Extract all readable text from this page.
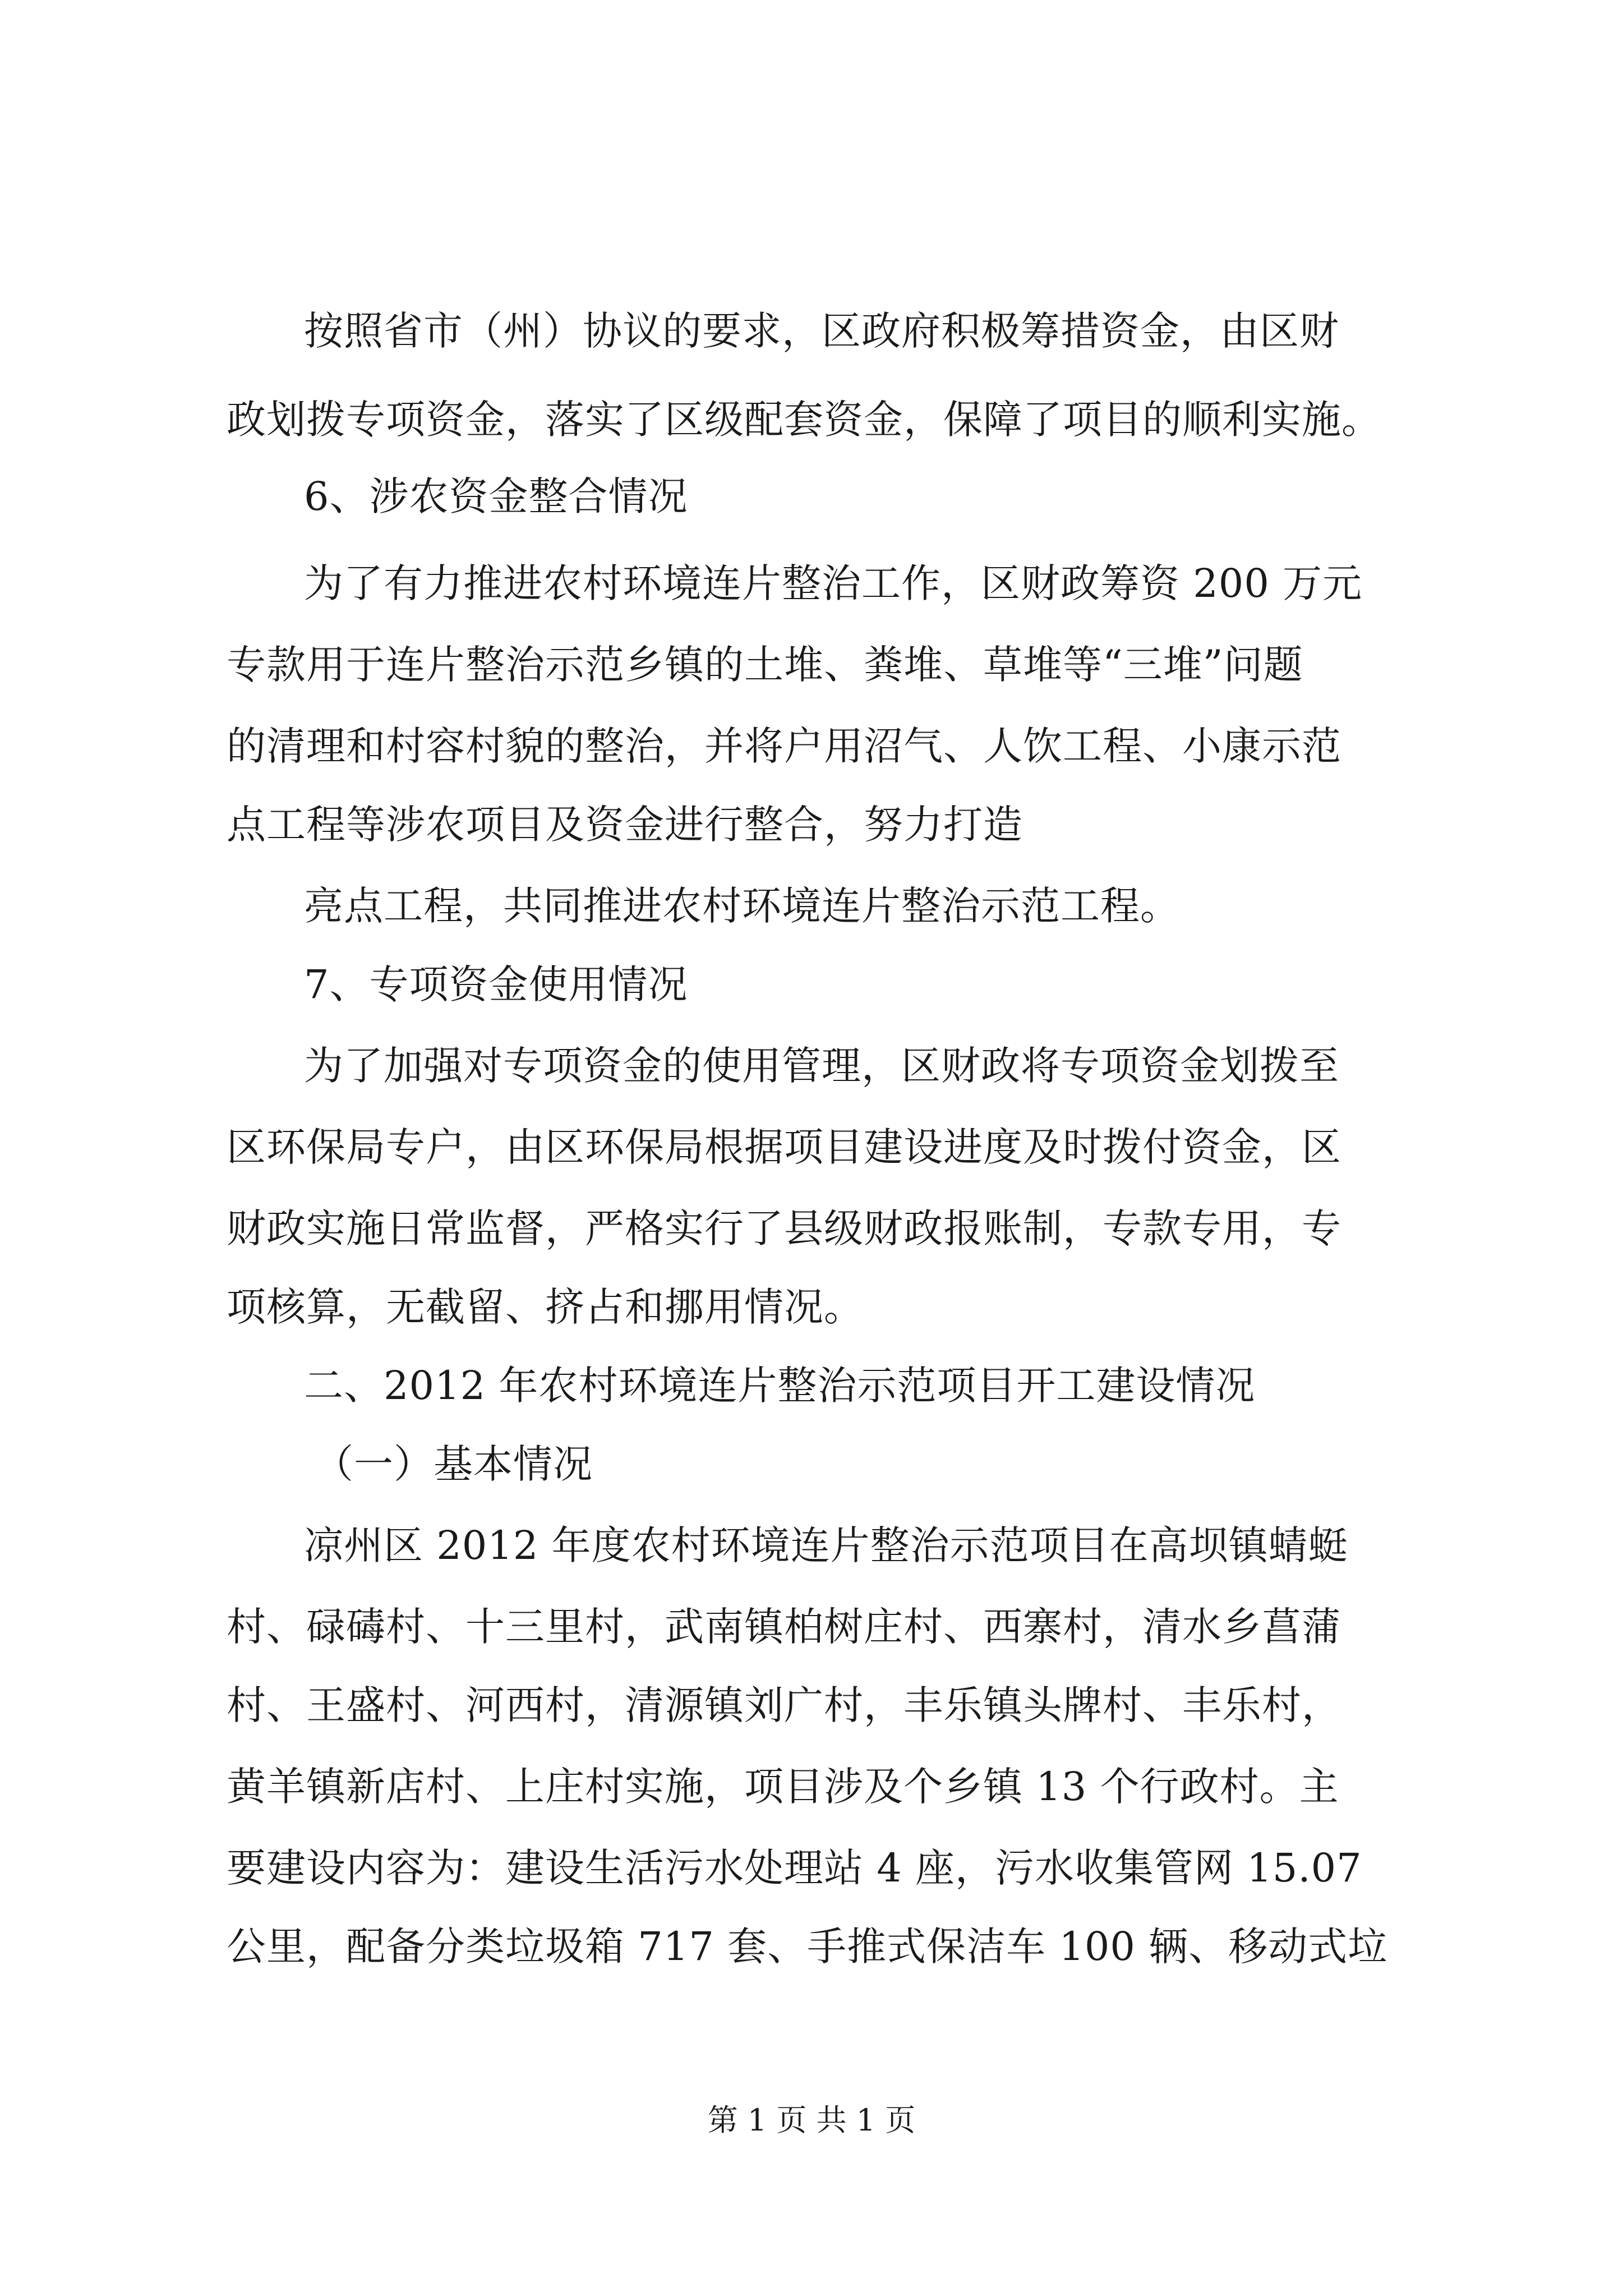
按照省市（州）协议的要求，区政府积极筹措资金，由区财
政划拨专项资金，落实了区级配套资金，保障了项目的顺利实施。
6、涉农资金整合情况
为了有力推进农村环境连片整治工作，区财政筹资 200 万元
专款用于连片整治示范乡镇的土堆、粪堆、草堆等“三堆”问题
的清理和村容村貌的整治，并将户用沼气、人饮工程、小康示范
点工程等涉农项目及资金进行整合，努力打造
亮点工程，共同推进农村环境连片整治示范工程。
7、专项资金使用情况
为了加强对专项资金的使用管理，区财政将专项资金划拨至
区环保局专户，由区环保局根据项目建设进度及时拨付资金，区
财政实施日常监督，严格实行了县级财政报账制，专款专用，专
项核算，无截留、挤占和挪用情况。
二、2012 年农村环境连片整治示范项目开工建设情况
（一）基本情况
凉州区 2012 年度农村环境连片整治示范项目在高坝镇蜻蜓
村、碌碡村、十三里村，武南镇柏树庄村、西寨村，清水乡菖蒲
村、王盛村、河西村，清源镇刘广村，丰乐镇头牌村、丰乐村，
黄羊镇新店村、上庄村实施，项目涉及个乡镇 13 个行政村。主
要建设内容为：建设生活污水处理站 4 座，污水收集管网 15.07
公里，配备分类垃圾箱 717 套、手推式保洁车 100 辆、移动式垃
第 1 页 共 1 页
